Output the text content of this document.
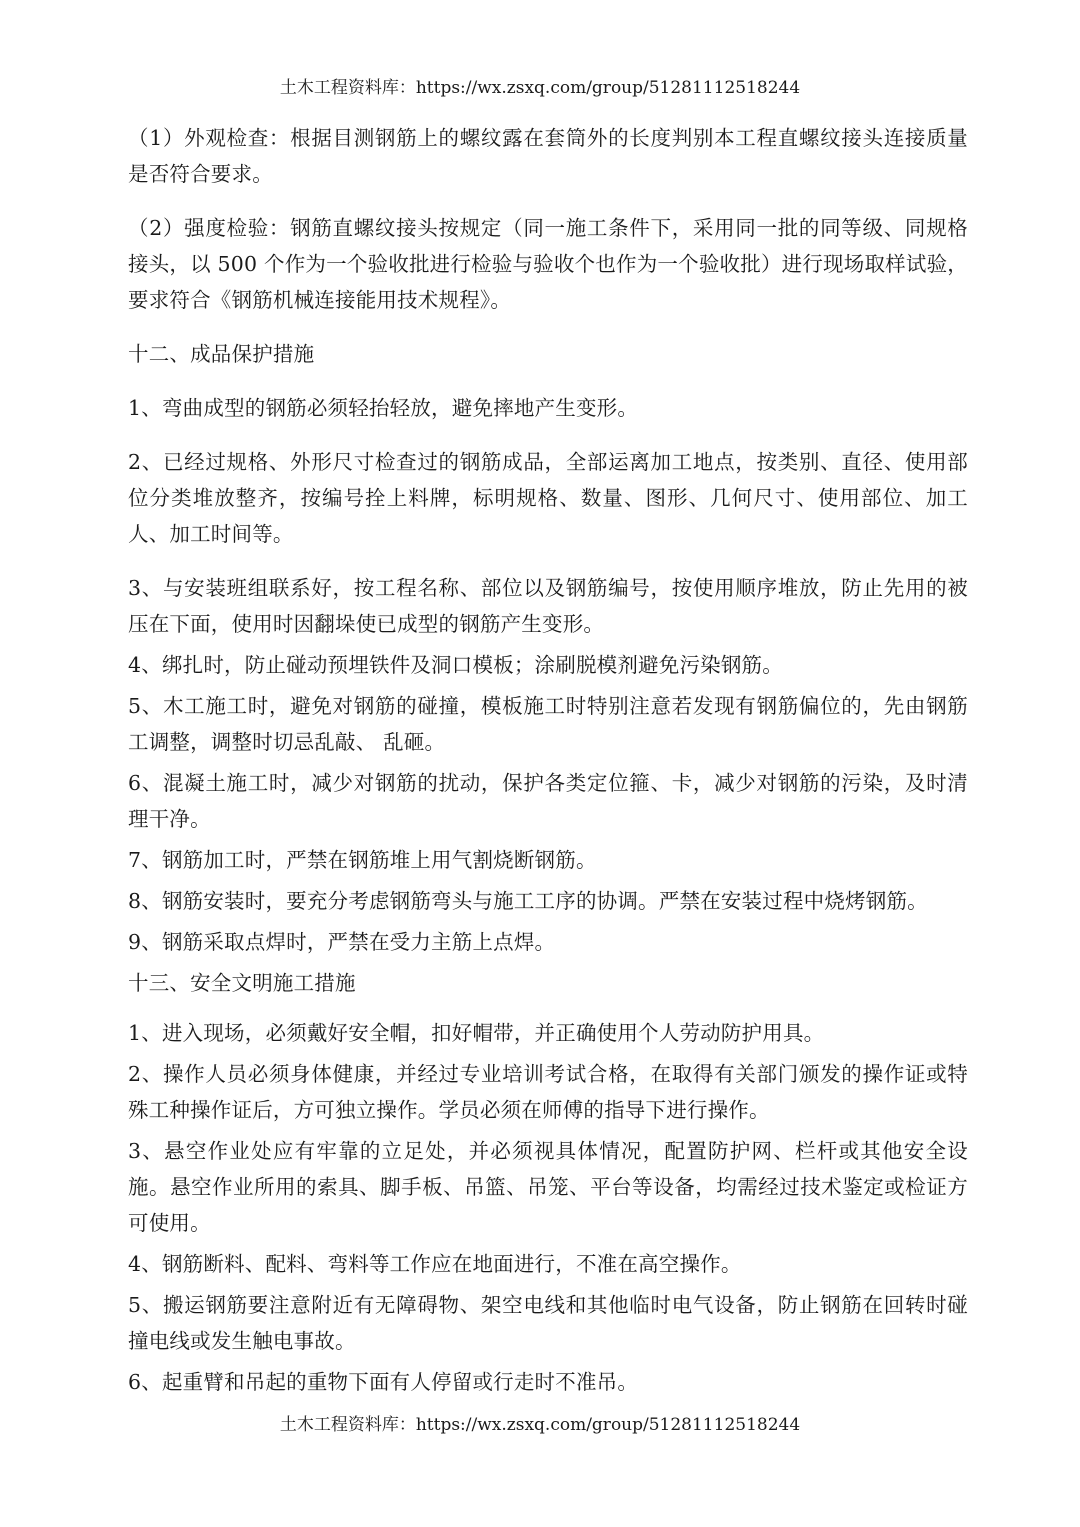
土木工程资料库：https://wx.zsxq.com/group/51281112518244

（1）外观检查：根据目测钢筋上的螺纹露在套筒外的长度判别本工程直螺纹接头连接质量是否符合要求。

（2）强度检验：钢筋直螺纹接头按规定（同一施工条件下，采用同一批的同等级、同规格接头，以 500 个作为一个验收批进行检验与验收个也作为一个验收批）进行现场取样试验，要求符合《钢筋机械连接能用技术规程》。

十二、成品保护措施

1、弯曲成型的钢筋必须轻抬轻放，避免摔地产生变形。

2、已经过规格、外形尺寸检查过的钢筋成品，全部运离加工地点，按类别、直径、使用部位分类堆放整齐，按编号拴上料牌，标明规格、数量、图形、几何尺寸、使用部位、加工人、加工时间等。

3、与安装班组联系好，按工程名称、部位以及钢筋编号，按使用顺序堆放，防止先用的被压在下面，使用时因翻垛使已成型的钢筋产生变形。

4、绑扎时，防止碰动预埋铁件及洞口模板；涂刷脱模剂避免污染钢筋。

5、木工施工时，避免对钢筋的碰撞，模板施工时特别注意若发现有钢筋偏位的，先由钢筋工调整，调整时切忌乱敲、 乱砸。

6、混凝土施工时，减少对钢筋的扰动，保护各类定位箍、卡，减少对钢筋的污染，及时清理干净。

7、钢筋加工时，严禁在钢筋堆上用气割烧断钢筋。

8、钢筋安装时，要充分考虑钢筋弯头与施工工序的协调。严禁在安装过程中烧烤钢筋。

9、钢筋采取点焊时，严禁在受力主筋上点焊。

十三、安全文明施工措施

1、进入现场，必须戴好安全帽，扣好帽带，并正确使用个人劳动防护用具。

2、操作人员必须身体健康，并经过专业培训考试合格，在取得有关部门颁发的操作证或特殊工种操作证后，方可独立操作。学员必须在师傅的指导下进行操作。

3、悬空作业处应有牢靠的立足处，并必须视具体情况，配置防护网、栏杆或其他安全设施。悬空作业所用的索具、脚手板、吊篮、吊笼、平台等设备，均需经过技术鉴定或检证方可使用。

4、钢筋断料、配料、弯料等工作应在地面进行，不准在高空操作。

5、搬运钢筋要注意附近有无障碍物、架空电线和其他临时电气设备，防止钢筋在回转时碰撞电线或发生触电事故。

6、起重臂和吊起的重物下面有人停留或行走时不准吊。

土木工程资料库：https://wx.zsxq.com/group/51281112518244
